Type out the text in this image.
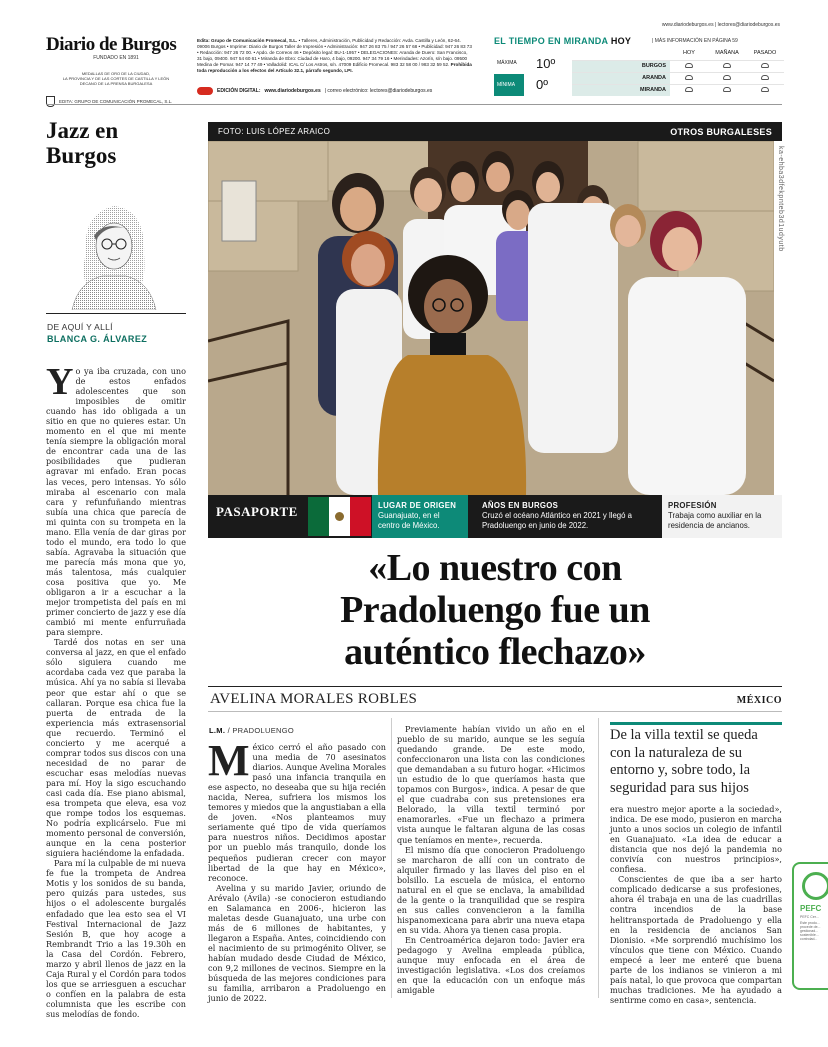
www.diariodeburgos.es | lectores@diariodeburgos.es
Diario de Burgos
FUNDADO EN 1891
MEDALLAS DE ORO DE LA CIUDAD,
LA PROVINCIA Y DE LAS CORTES DE CASTILLA Y LEÓN
DECANO DE LA PRENSA BURGALESA
EDITA: GRUPO DE COMUNICACIÓN PROMECAL, S.L.
Edita: Grupo de Comunicación Promecal, S.L. • Talleres, Administración, Publicidad y Redacción: Avda. Castilla y León, 62-64. 09006 Burgos • Imprime: Diario de Burgos Taller de Impresión • Administración: 947 26 83 75 / 947 26 57 68 • Publicidad: 947 26 83 73 • Redacción: 947 26 72 00. • Apdo. de Correos 46 • Depósito legal: BU-1-1957 • DELEGACIONES: Aranda de Duero: San Francisco, 31 bajo, 09400. 947 54 60 61 • Miranda de Ebro: Ciudad de Haro, 4 bajo, 09200. 947 34 79 16 • Merindades: Azorín, s/n bajo. 09500 Medina de Pomar. 947 14 77 49 • Valladolid: ICAL C/ Los Astros, s/n. 47009 Edificio Promecal. 983 32 58 00 / 983 32 59 52. Prohibida toda reproducción a los efectos del Artículo 32.1, párrafo segundo, LPI.
EDICIÓN DIGITAL: www.diariodeburgos.es | correo electrónico: lectores@diariodeburgos.es
EL TIEMPO EN MIRANDA HOY	| MÁS INFORMACIÓN EN PÁGINA 59
MÁXIMA	10º
MÍNIMA	0º
HOY	MAÑANA	PASADO
BURGOS
ARANDA
MIRANDA
Jazz en
Burgos
DE AQUÍ Y ALLÍ
BLANCA G. ÁLVAREZ

Yo ya iba cruzada, con uno de estos enfados adolescentes que son imposibles de omitir cuando has ido obligada a un sitio en que no quieres estar. Un momento en el que mi mente tenía siempre la obligación moral de encontrar cada una de las posibilidades que pudieran agravar mi enfado. Eran pocas las veces, pero intensas. Yo sólo miraba al escenario con mala cara y refunfuñando mientras subía una chica que parecía de mi quinta con su trompeta en la mano. Ella venía de dar giras por todo el mundo, era todo lo que sabía. Agravaba la situación que me parecía más mona que yo, más talentosa, más cualquier cosa positiva que yo. Me obligaron a ir a escuchar a la mejor trompetista del país en mi primer concierto de jazz y ese día cambió mi mente enfurruñada para siempre.

Tardé dos notas en ser una conversa al jazz, en que el enfado sólo siguiera cuando me acordaba cada vez que paraba la música. Ahí ya no sabía si llevaba peor que estar ahí o que se callaran. Porque esa chica fue la puerta de entrada de la experiencia más extrasensorial que recuerdo. Terminó el concierto y me acerqué a comprar todos sus discos con una necesidad de no parar de escuchar esas melodías nuevas para mí. Hoy la sigo escuchando casi cada día. Ese piano abismal, esa trompeta que eleva, esa voz que rompe todos los esquemas. No podría explicárselo. Fue mi momento personal de conversión, aunque en la cena posterior siguiera haciéndome la enfadada.

Para mí la culpable de mi nueva fe fue la trompeta de Andrea Motis y los sonidos de su banda, pero quizás para ustedes, sus hijos o el adolescente burgalés enfadado que lea esto sea el VI Festival Internacional de Jazz Sesión B, que hoy acoge a Rembrandt Trio a las 19.30h en la Casa del Cordón. Febrero, marzo y abril llenos de jazz en la Caja Rural y el Cordón para todos los que se arriesguen a escuchar o confíen en la palabra de esta columnista que les escribe con sus melodías de fondo.

FOTO: LUIS LÓPEZ ARAICO	OTROS BURGALESES
ka-ehba3dfekpnteb3d1udyutb
PASAPORTE	LUGAR DE ORIGEN
Guanajuato, en el centro de México.
AÑOS EN BURGOS
Cruzó el océano Atlántico en 2021 y llegó a Pradoluengo en junio de 2022.
PROFESIÓN
Trabaja como auxiliar en la residencia de ancianos.
«Lo nuestro con
Pradoluengo fue un
auténtico flechazo»
AVELINA MORALES ROBLES	MÉXICO
L.M. / PRADOLUENGO

México cerró el año pasado con una media de 70 asesinatos diarios. Aunque Avelina Morales pasó una infancia tranquila en ese aspecto, no deseaba que su hija recién nacida, Nerea, sufriera los mismos los temores y miedos que la angustiaban a ella de joven. «Nos planteamos muy seriamente qué tipo de vida queríamos para nuestros niños. Decidimos apostar por un pueblo más tranquilo, donde los pequeños pudieran crecer con mayor libertad de la que hay en México», reconoce.

Avelina y su marido Javier, oriundo de Arévalo (Ávila) -se conocieron estudiando en Salamanca en 2006-, hicieron las maletas desde Guanajuato, una urbe con más de 6 millones de habitantes, y llegaron a España. Antes, coincidiendo con el nacimiento de su primogénito Oliver, se habían mudado desde Ciudad de México, con 9,2 millones de vecinos. Siempre en la búsqueda de las mejores condiciones para su familia, arribaron a Pradoluengo en junio de 2022.

Previamente habían vivido un año en el pueblo de su marido, aunque se les seguía quedando grande. De este modo, confeccionaron una lista con las condiciones que demandaban a su futuro hogar. «Hicimos un estudio de lo que queríamos hasta que topamos con Burgos», indica. A pesar de que el que cuadraba con sus pretensiones era Belorado, la villa textil terminó por enamorarles. «Fue un flechazo a primera vista aunque le faltaran alguna de las cosas que teníamos en mente», recuerda.

El mismo día que conocieron Pradoluengo se marcharon de allí con un contrato de alquiler firmado y las llaves del piso en el bolsillo. La escuela de música, el entorno natural en el que se enclava, la amabilidad de la gente o la tranquilidad que se respira en sus calles convencieron a la familia hispanomexicana para abrir una nueva etapa en su vida. Ahora ya tienen casa propia.

En Centroamérica dejaron todo: Javier era pedagogo y Avelina empleada pública, aunque muy enfocada en el área de investigación legislativa. «Los dos creíamos en que la educación con un enfoque más amigable

De la villa textil se queda con la naturaleza de su entorno y, sobre todo, la seguridad para sus hijos

era nuestro mejor aporte a la sociedad», indica. De ese modo, pusieron en marcha junto a unos socios un colegio de infantil en Guanajuato. «La idea de educar a distancia que nos dejó la pandemia no convivía con nuestros principios», confiesa.

Conscientes de que iba a ser harto complicado dedicarse a sus profesiones, ahora él trabaja en una de las cuadrillas contra incendios de la base helitransportada de Pradoluengo y ella en la residencia de ancianos San Dionisio. «Me sorprendió muchísimo los vínculos que tiene con México. Cuando empecé a leer me enteré que buena parte de los indianos se vinieron a mi país natal, lo que provoca que compartan muchas tradiciones. Me ha ayudado a sentirme como en casa», sentencia.

PEFC
PEFC Cer...
Este produ... procede de... gestionad... sostenible... controlad...
